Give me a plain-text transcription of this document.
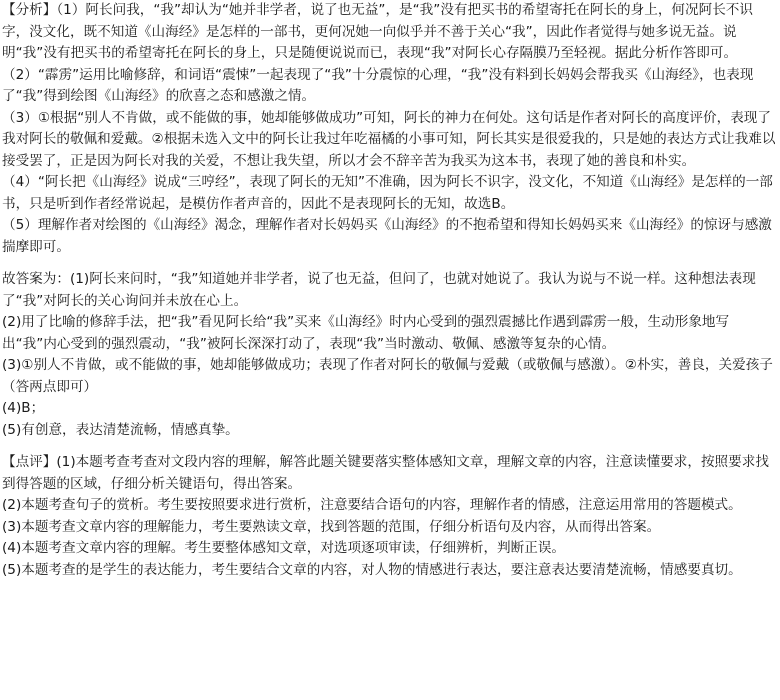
【分析】（1）阿长问我，“我”却认为“她并非学者，说了也无益”，是“我”没有把买书的希望寄托在阿长的身上，何况阿长不识字，没文化，既不知道《山海经》是怎样的一部书，更何况她一向似乎并不善于关心“我”，因此作者觉得与她多说无益。说明“我”没有把买书的希望寄托在阿长的身上，只是随便说说而已，表现“我”对阿长心存隔膜乃至轻视。据此分析作答即可。

（2）“霹雳”运用比喻修辞，和词语“震悚”一起表现了“我”十分震惊的心理，“我”没有料到长妈妈会帮我买《山海经》，也表现了“我”得到绘图《山海经》的欣喜之态和感激之情。

（3）①根据“别人不肯做，或不能做的事，她却能够做成功”可知，阿长的神力在何处。这句话是作者对阿长的高度评价，表现了我对阿长的敬佩和爱戴。②根据未选入文中的阿长让我过年吃福橘的小事可知，阿长其实是很爱我的，只是她的表达方式让我难以接受罢了，正是因为阿长对我的关爱，不想让我失望，所以才会不辞辛苦为我买为这本书，表现了她的善良和朴实。

（4）“阿长把《山海经》说成“三哼经”，表现了阿长的无知”不准确，因为阿长不识字，没文化，不知道《山海经》是怎样的一部书，只是听到作者经常说起，是模仿作者声音的，因此不是表现阿长的无知，故选B。

（5）理解作者对绘图的《山海经》渴念，理解作者对长妈妈买《山海经》的不抱希望和得知长妈妈买来《山海经》的惊讶与感激揣摩即可。

故答案为：(1)阿长来问时，“我”知道她并非学者，说了也无益，但问了，也就对她说了。我认为说与不说一样。这种想法表现了“我”对阿长的关心询问并未放在心上。

(2)用了比喻的修辞手法，把“我”看见阿长给“我”买来《山海经》时内心受到的强烈震撼比作遇到霹雳一般，生动形象地写出“我”内心受到的强烈震动，“我”被阿长深深打动了，表现“我”当时激动、敬佩、感激等复杂的心情。

(3)①别人不肯做，或不能做的事，她却能够做成功；表现了作者对阿长的敬佩与爱戴（或敬佩与感激）。②朴实，善良，关爱孩子（答两点即可）

(4)B；

(5)有创意，表达清楚流畅，情感真挚。

【点评】(1)本题考查考查对文段内容的理解，解答此题关键要落实整体感知文章，理解文章的内容，注意读懂要求，按照要求找到得答题的区域，仔细分析关键语句，得出答案。

(2)本题考查句子的赏析。考生要按照要求进行赏析，注意要结合语句的内容，理解作者的情感，注意运用常用的答题模式。

(3)本题考查文章内容的理解能力，考生要熟读文章，找到答题的范围，仔细分析语句及内容，从而得出答案。

(4)本题考查文章内容的理解。考生要整体感知文章，对选项逐项审读，仔细辨析，判断正误。

(5)本题考查的是学生的表达能力，考生要结合文章的内容，对人物的情感进行表达，要注意表达要清楚流畅，情感要真切。
